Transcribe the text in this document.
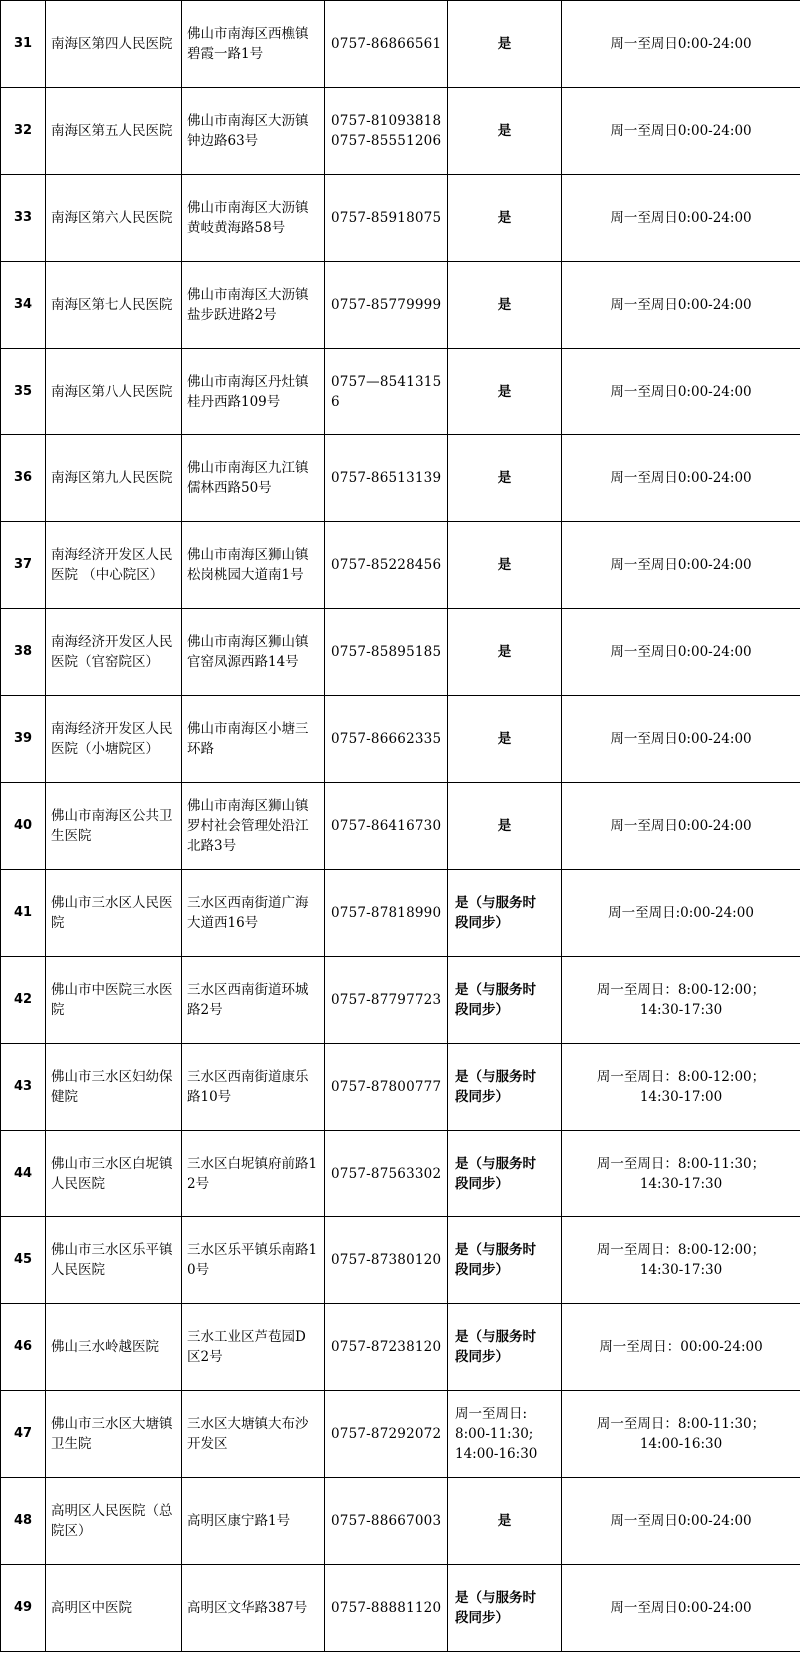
31	南海区第四人民医院	佛山市南海区西樵镇碧霞一路1号	0757-86866561	是	周一至周日0:00-24:00

32	南海区第五人民医院	佛山市南海区大沥镇钟边路63号	0757-81093818
0757-85551206	是	周一至周日0:00-24:00

33	南海区第六人民医院	佛山市南海区大沥镇黄岐黄海路58号	0757-85918075	是	周一至周日0:00-24:00

34	南海区第七人民医院	佛山市南海区大沥镇盐步跃进路2号	0757-85779999	是	周一至周日0:00-24:00

35	南海区第八人民医院	佛山市南海区丹灶镇桂丹西路109号	0757—8541315
6	是	周一至周日0:00-24:00

36	南海区第九人民医院	佛山市南海区九江镇儒林西路50号	0757-86513139	是	周一至周日0:00-24:00

37	南海经济开发区人民医院 （中心院区）	佛山市南海区狮山镇松岗桃园大道南1号	0757-85228456	是	周一至周日0:00-24:00

38	南海经济开发区人民医院（官窑院区）	佛山市南海区狮山镇官窑凤源西路14号	0757-85895185	是	周一至周日0:00-24:00

39	南海经济开发区人民医院（小塘院区）	佛山市南海区小塘三环路	0757-86662335	是	周一至周日0:00-24:00

40	佛山市南海区公共卫生医院	佛山市南海区狮山镇罗村社会管理处沿江北路3号	0757-86416730	是	周一至周日0:00-24:00

41	佛山市三水区人民医院	三水区西南街道广海大道西16号	0757-87818990	是（与服务时
段同步）	周一至周日:0:00-24:00

42	佛山市中医院三水医院	三水区西南街道环城路2号	0757-87797723	是（与服务时
段同步）	周一至周日：8:00-12:00；
14:30-17:30

43	佛山市三水区妇幼保健院	三水区西南街道康乐路10号	0757-87800777	是（与服务时
段同步）	周一至周日：8:00-12:00；
14:30-17:00

44	佛山市三水区白坭镇人民医院	三水区白坭镇府前路12号	0757-87563302	是（与服务时
段同步）	周一至周日：8:00-11:30；
14:30-17:30

45	佛山市三水区乐平镇人民医院	三水区乐平镇乐南路10号	0757-87380120	是（与服务时
段同步）	周一至周日：8:00-12:00；
14:30-17:30

46	佛山三水岭越医院	三水工业区芦苞园D区2号	0757-87238120	是（与服务时
段同步）	周一至周日：00:00-24:00

47	佛山市三水区大塘镇卫生院	三水区大塘镇大布沙开发区	0757-87292072	周一至周日:
8:00-11:30;
14:00-16:30	周一至周日：8:00-11:30；
14:00-16:30

48	高明区人民医院（总院区）	高明区康宁路1号	0757-88667003	是	周一至周日0:00-24:00

49	高明区中医院	高明区文华路387号	0757-88881120	是（与服务时
段同步）	周一至周日0:00-24:00
